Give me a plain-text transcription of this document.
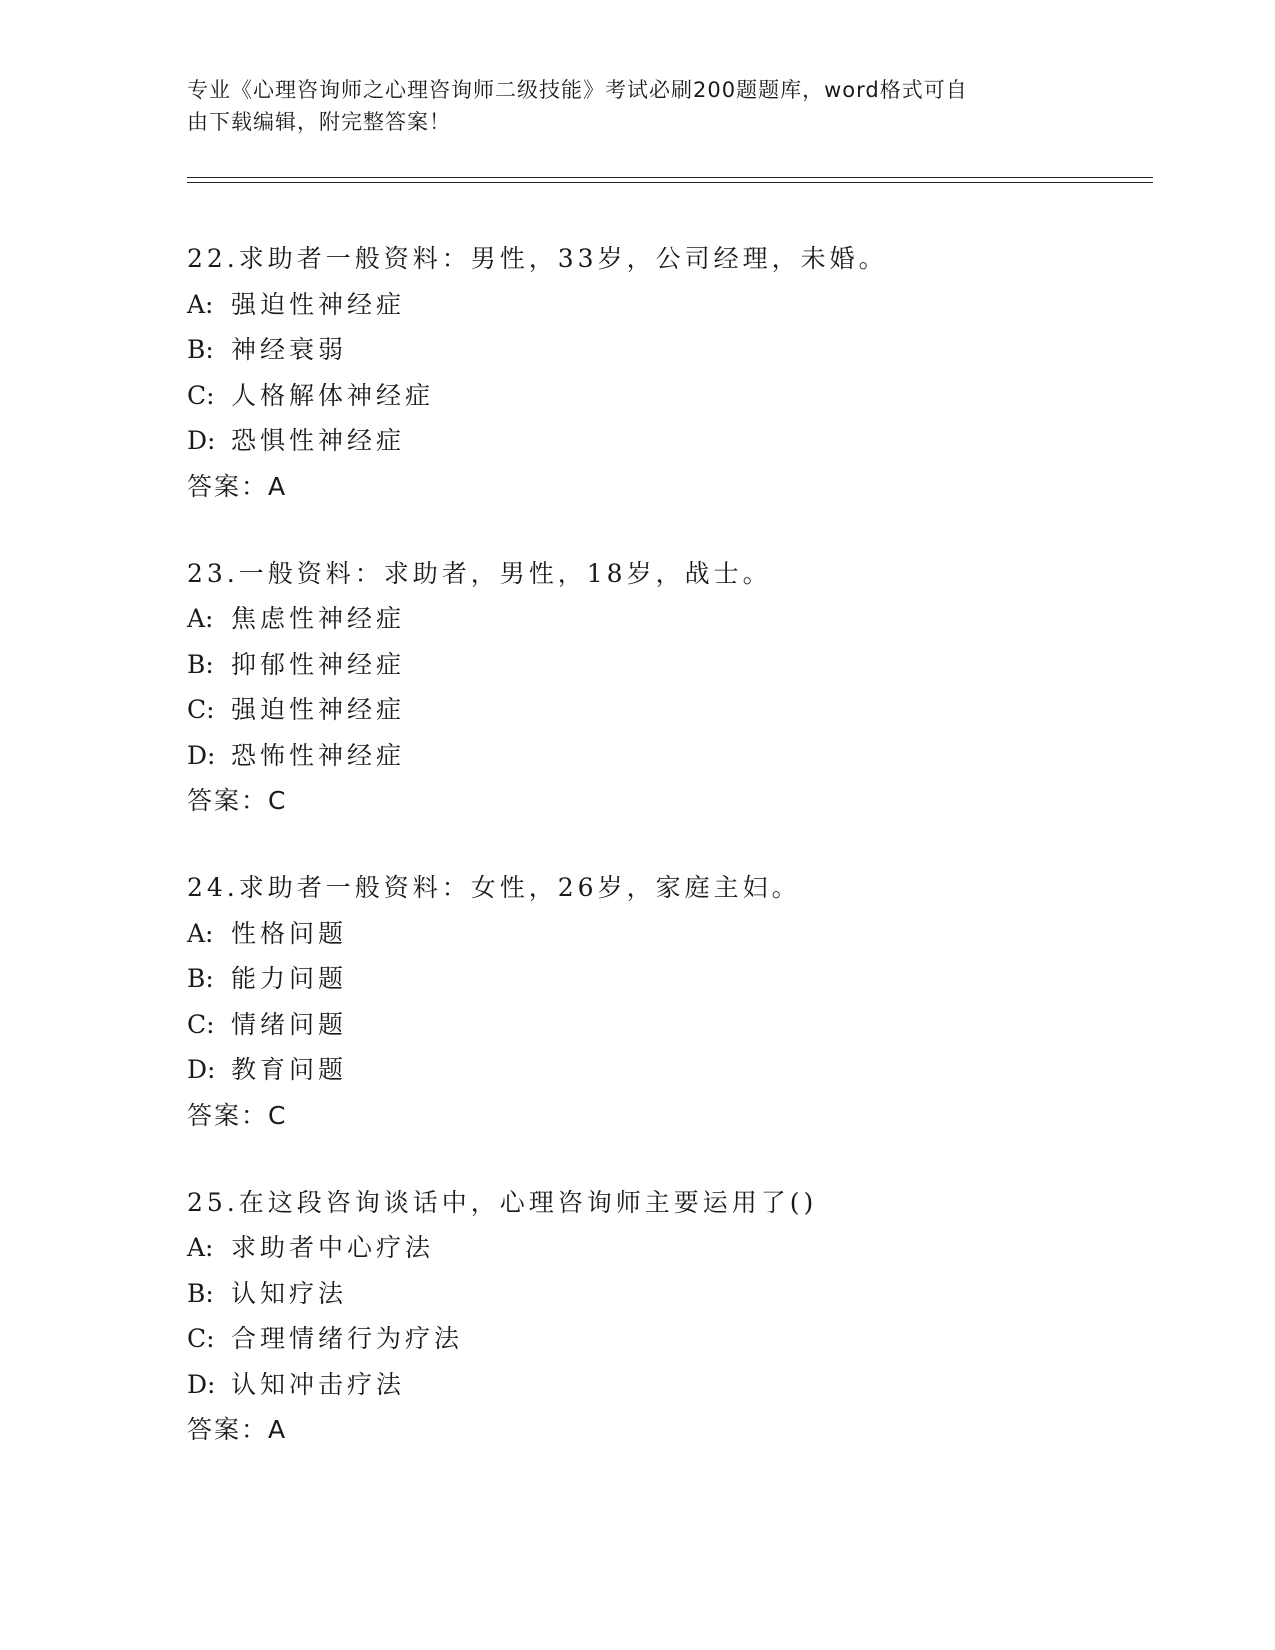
专业《心理咨询师之心理咨询师二级技能》考试必刷200题题库，word格式可自
由下载编辑，附完整答案！
22.求助者一般资料：男性，33岁，公司经理，未婚。
A: 强迫性神经症
B: 神经衰弱
C: 人格解体神经症
D: 恐惧性神经症
答案：A
23.一般资料：求助者，男性，18岁，战士。
A: 焦虑性神经症
B: 抑郁性神经症
C: 强迫性神经症
D: 恐怖性神经症
答案：C
24.求助者一般资料：女性，26岁，家庭主妇。
A: 性格问题
B: 能力问题
C: 情绪问题
D: 教育问题
答案：C
25.在这段咨询谈话中，心理咨询师主要运用了()
A: 求助者中心疗法
B: 认知疗法
C: 合理情绪行为疗法
D: 认知冲击疗法
答案：A
